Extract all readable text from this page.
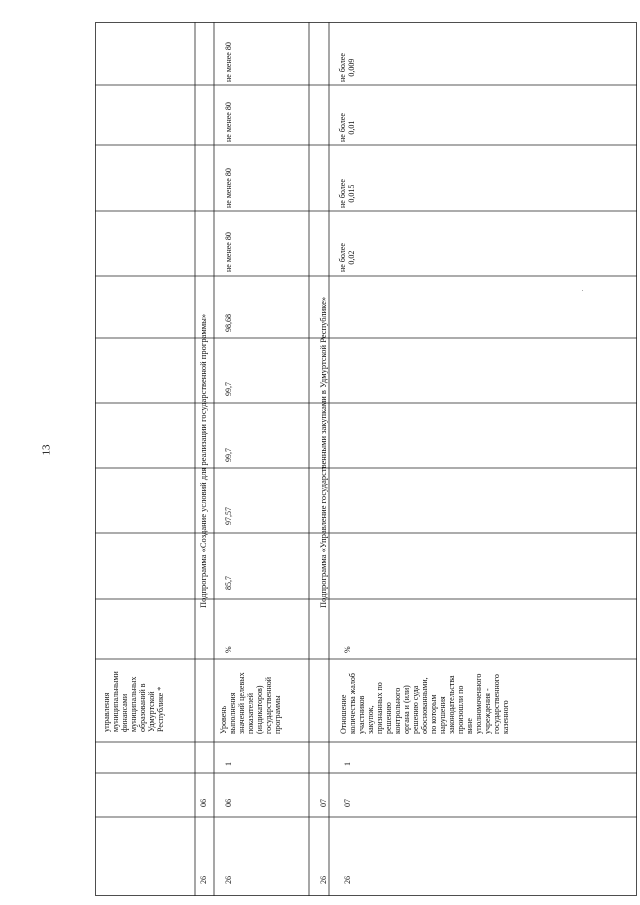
13
управления
муниципальными
финансами
муниципальных
образований в
Удмуртской
Республике *
26
06
Подпрограмма «Создание условий для реализации государственной программы»
26
06
1
Уровень
выполнения
значений целевых
показателей
(индикаторов)
государственной
программы
%
85,7
97,57
99,7
99,7
98,68
не менее 80
не менее 80
не менее 80
не менее 80
26
07
Подпрограмма «Управление государственными закупками в Удмуртской Республике»
26
07
1
Отношение
количества жалоб
участников
закупок,
признанных по
решению
контрольного
органа и (или)
решению суда
обоснованными,
по которым
нарушения
законодательства
произошли по
вине
уполномоченного
учреждения -
государственного
казенного
%
не более
0,02
не более
0,015
не более
0,01
не более
0,009
